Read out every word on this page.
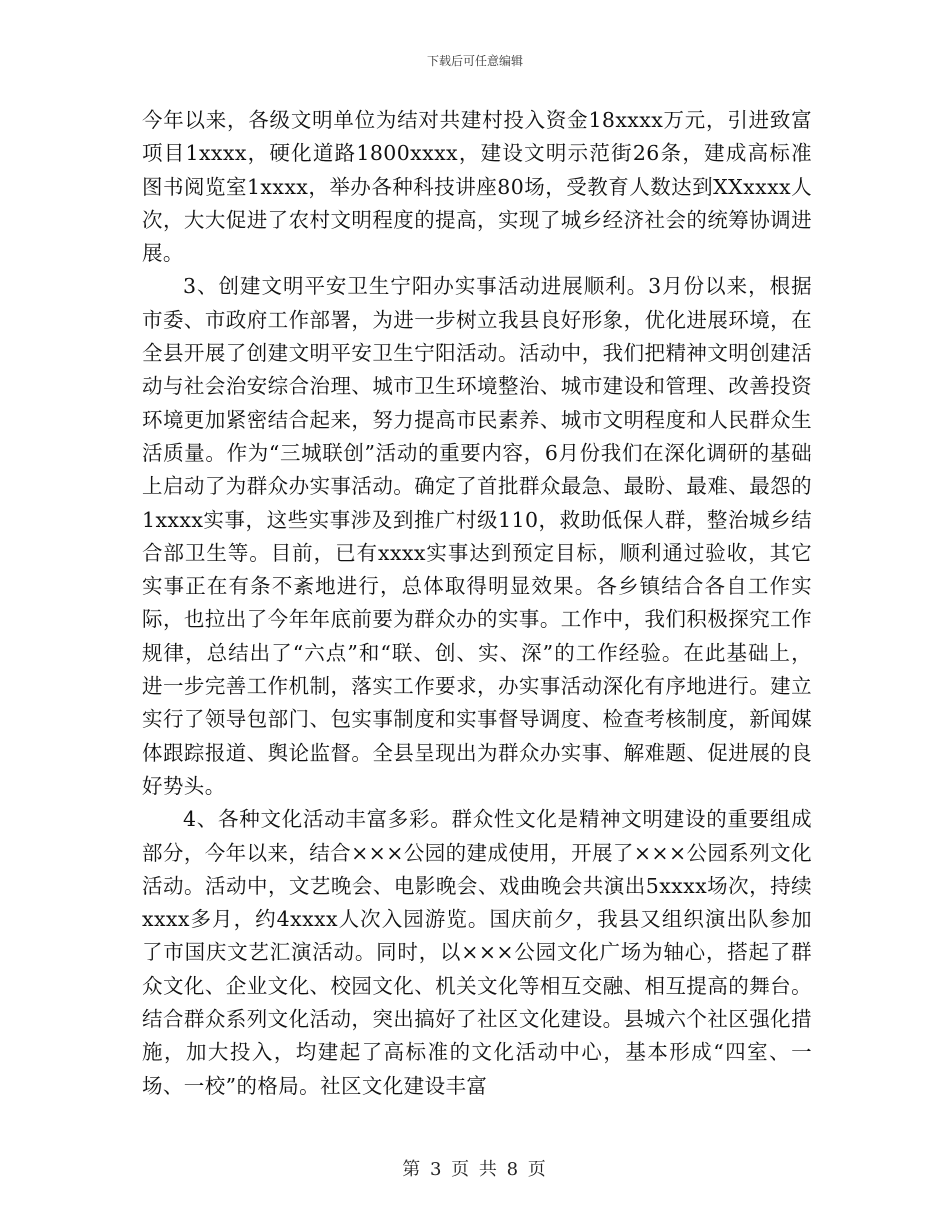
下载后可任意编辑

今年以来，各级文明单位为结对共建村投入资金18xxxx万元，引进致富项目1xxxx，硬化道路1800xxxx，建设文明示范街26条，建成高标准图书阅览室1xxxx，举办各种科技讲座80场，受教育人数达到XXxxxx人次，大大促进了农村文明程度的提高，实现了城乡经济社会的统筹协调进展。

3、创建文明平安卫生宁阳办实事活动进展顺利。3月份以来，根据市委、市政府工作部署，为进一步树立我县良好形象，优化进展环境，在全县开展了创建文明平安卫生宁阳活动。活动中，我们把精神文明创建活动与社会治安综合治理、城市卫生环境整治、城市建设和管理、改善投资环境更加紧密结合起来，努力提高市民素养、城市文明程度和人民群众生活质量。作为“三城联创”活动的重要内容，6月份我们在深化调研的基础上启动了为群众办实事活动。确定了首批群众最急、最盼、最难、最怨的1xxxx实事，这些实事涉及到推广村级110，救助低保人群，整治城乡结合部卫生等。目前，已有xxxx实事达到预定目标，顺利通过验收，其它实事正在有条不紊地进行，总体取得明显效果。各乡镇结合各自工作实际，也拉出了今年年底前要为群众办的实事。工作中，我们积极探究工作规律，总结出了“六点”和“联、创、实、深”的工作经验。在此基础上，进一步完善工作机制，落实工作要求，办实事活动深化有序地进行。建立实行了领导包部门、包实事制度和实事督导调度、检查考核制度，新闻媒体跟踪报道、舆论监督。全县呈现出为群众办实事、解难题、促进展的良好势头。

4、各种文化活动丰富多彩。群众性文化是精神文明建设的重要组成部分，今年以来，结合×××公园的建成使用，开展了×××公园系列文化活动。活动中，文艺晚会、电影晚会、戏曲晚会共演出5xxxx场次，持续xxxx多月，约4xxxx人次入园游览。国庆前夕，我县又组织演出队参加了市国庆文艺汇演活动。同时，以×××公园文化广场为轴心，搭起了群众文化、企业文化、校园文化、机关文化等相互交融、相互提高的舞台。结合群众系列文化活动，突出搞好了社区文化建设。县城六个社区强化措施，加大投入，均建起了高标准的文化活动中心，基本形成“四室、一场、一校”的格局。社区文化建设丰富

第 3 页 共 8 页
